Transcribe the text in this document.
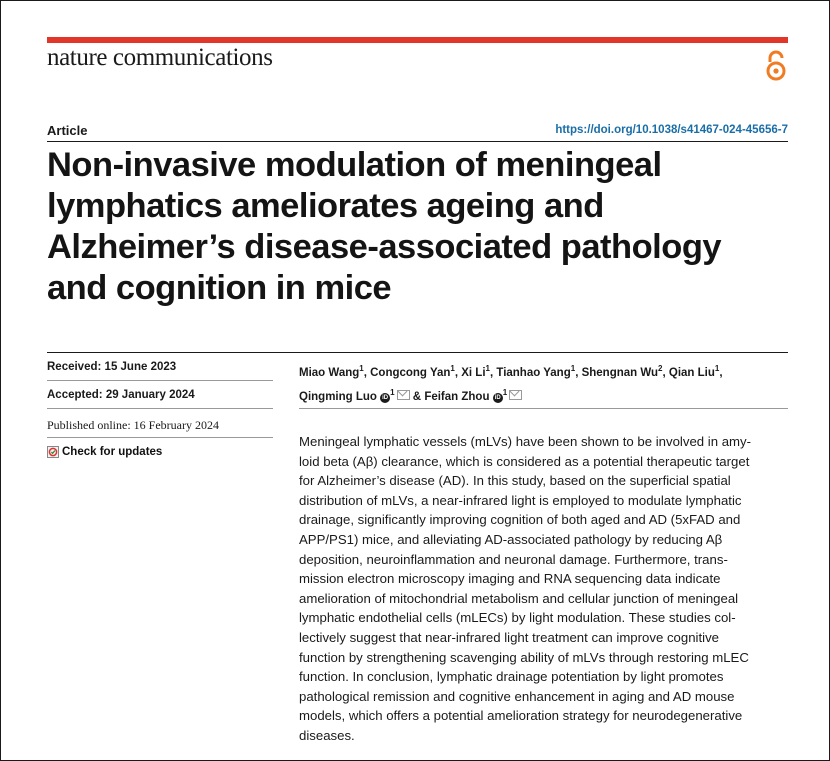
nature communications
Article	https://doi.org/10.1038/s41467-024-45656-7
Non-invasive modulation of meningeal
lymphatics ameliorates ageing and
Alzheimer’s disease-associated pathology
and cognition in mice
Received: 15 June 2023
Accepted: 29 January 2024
Published online: 16 February 2024
Check for updates
Miao Wang$^1$, Congcong Yan$^1$, Xi Li$^1$, Tianhao Yang$^1$, Shengnan Wu$^2$, Qian Liu$^1$,
Qingming Luo $iD^1$ & Feifan Zhou $iD^1$
Meningeal lymphatic vessels (mLVs) have been shown to be involved in amy-
loid beta (Aβ) clearance, which is considered as a potential therapeutic target
for Alzheimer’s disease (AD). In this study, based on the superficial spatial
distribution of mLVs, a near-infrared light is employed to modulate lymphatic
drainage, significantly improving cognition of both aged and AD (5xFAD and
APP/PS1) mice, and alleviating AD-associated pathology by reducing Aβ
deposition, neuroinflammation and neuronal damage. Furthermore, trans-
mission electron microscopy imaging and RNA sequencing data indicate
amelioration of mitochondrial metabolism and cellular junction of meningeal
lymphatic endothelial cells (mLECs) by light modulation. These studies col-
lectively suggest that near-infrared light treatment can improve cognitive
function by strengthening scavenging ability of mLVs through restoring mLEC
function. In conclusion, lymphatic drainage potentiation by light promotes
pathological remission and cognitive enhancement in aging and AD mouse
models, which offers a potential amelioration strategy for neurodegenerative
diseases.
